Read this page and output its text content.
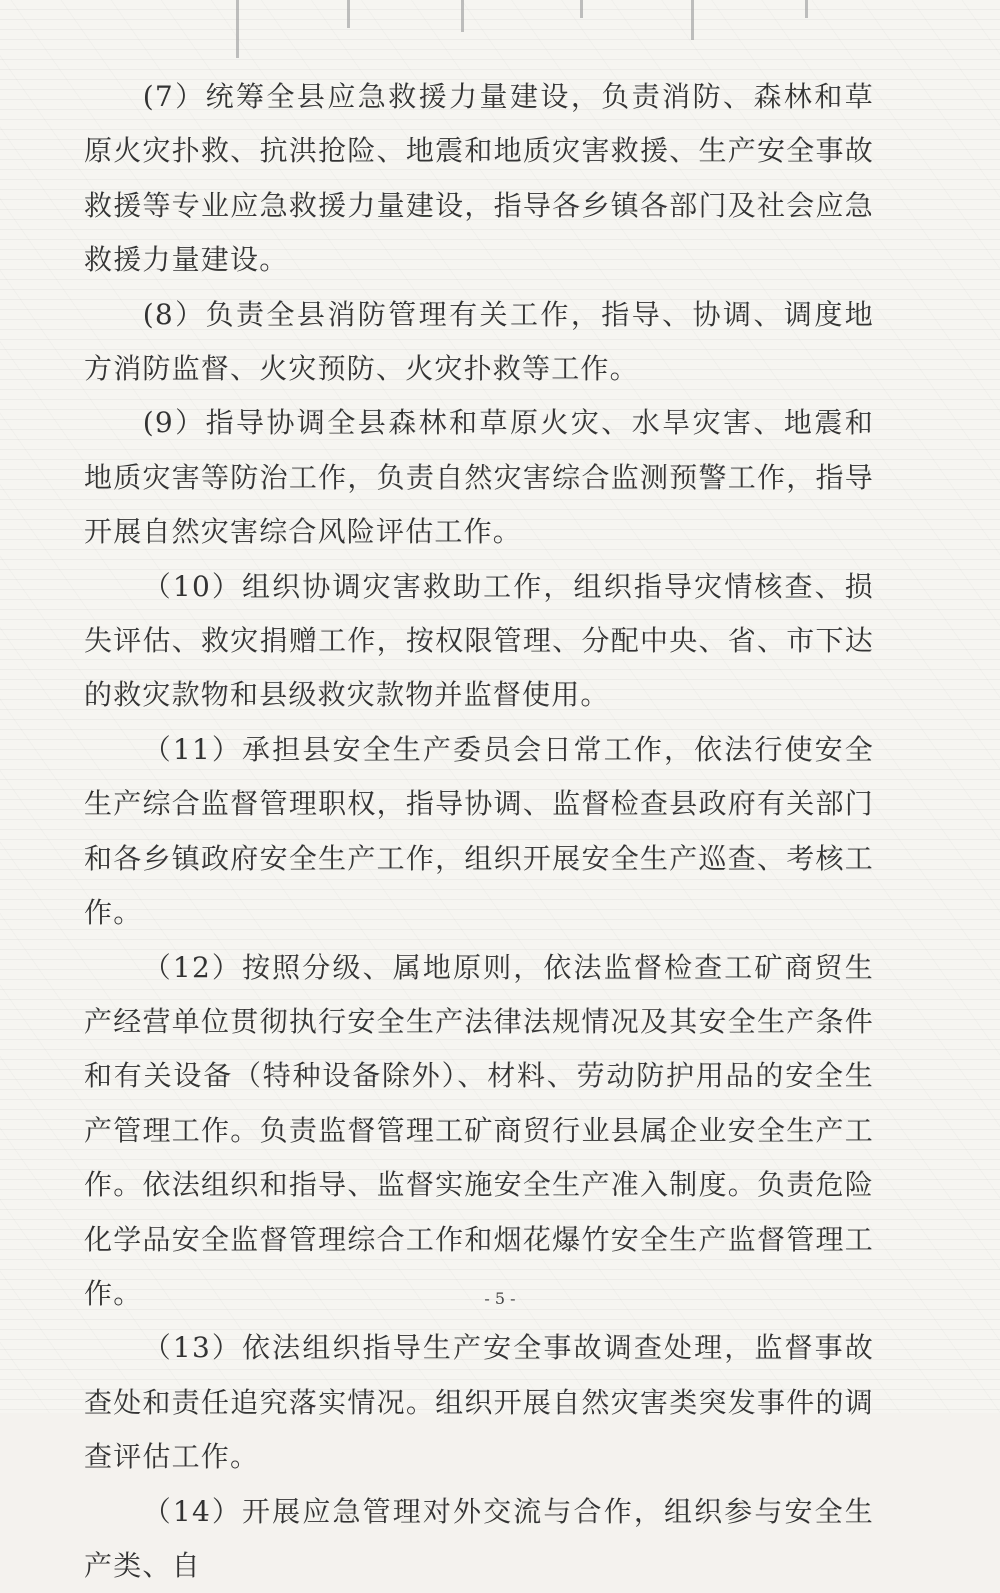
(7）统筹全县应急救援力量建设，负责消防、森林和草原火灾扑救、抗洪抢险、地震和地质灾害救援、生产安全事故救援等专业应急救援力量建设，指导各乡镇各部门及社会应急救援力量建设。

(8）负责全县消防管理有关工作，指导、协调、调度地方消防监督、火灾预防、火灾扑救等工作。

(9）指导协调全县森林和草原火灾、水旱灾害、地震和地质灾害等防治工作，负责自然灾害综合监测预警工作，指导开展自然灾害综合风险评估工作。

（10）组织协调灾害救助工作，组织指导灾情核查、损失评估、救灾捐赠工作，按权限管理、分配中央、省、市下达的救灾款物和县级救灾款物并监督使用。

（11）承担县安全生产委员会日常工作，依法行使安全生产综合监督管理职权，指导协调、监督检查县政府有关部门和各乡镇政府安全生产工作，组织开展安全生产巡查、考核工作。

（12）按照分级、属地原则，依法监督检查工矿商贸生产经营单位贯彻执行安全生产法律法规情况及其安全生产条件和有关设备（特种设备除外）、材料、劳动防护用品的安全生产管理工作。负责监督管理工矿商贸行业县属企业安全生产工作。依法组织和指导、监督实施安全生产准入制度。负责危险化学品安全监督管理综合工作和烟花爆竹安全生产监督管理工作。

（13）依法组织指导生产安全事故调查处理，监督事故查处和责任追究落实情况。组织开展自然灾害类突发事件的调查评估工作。

（14）开展应急管理对外交流与合作，组织参与安全生产类、自

- 5 -
